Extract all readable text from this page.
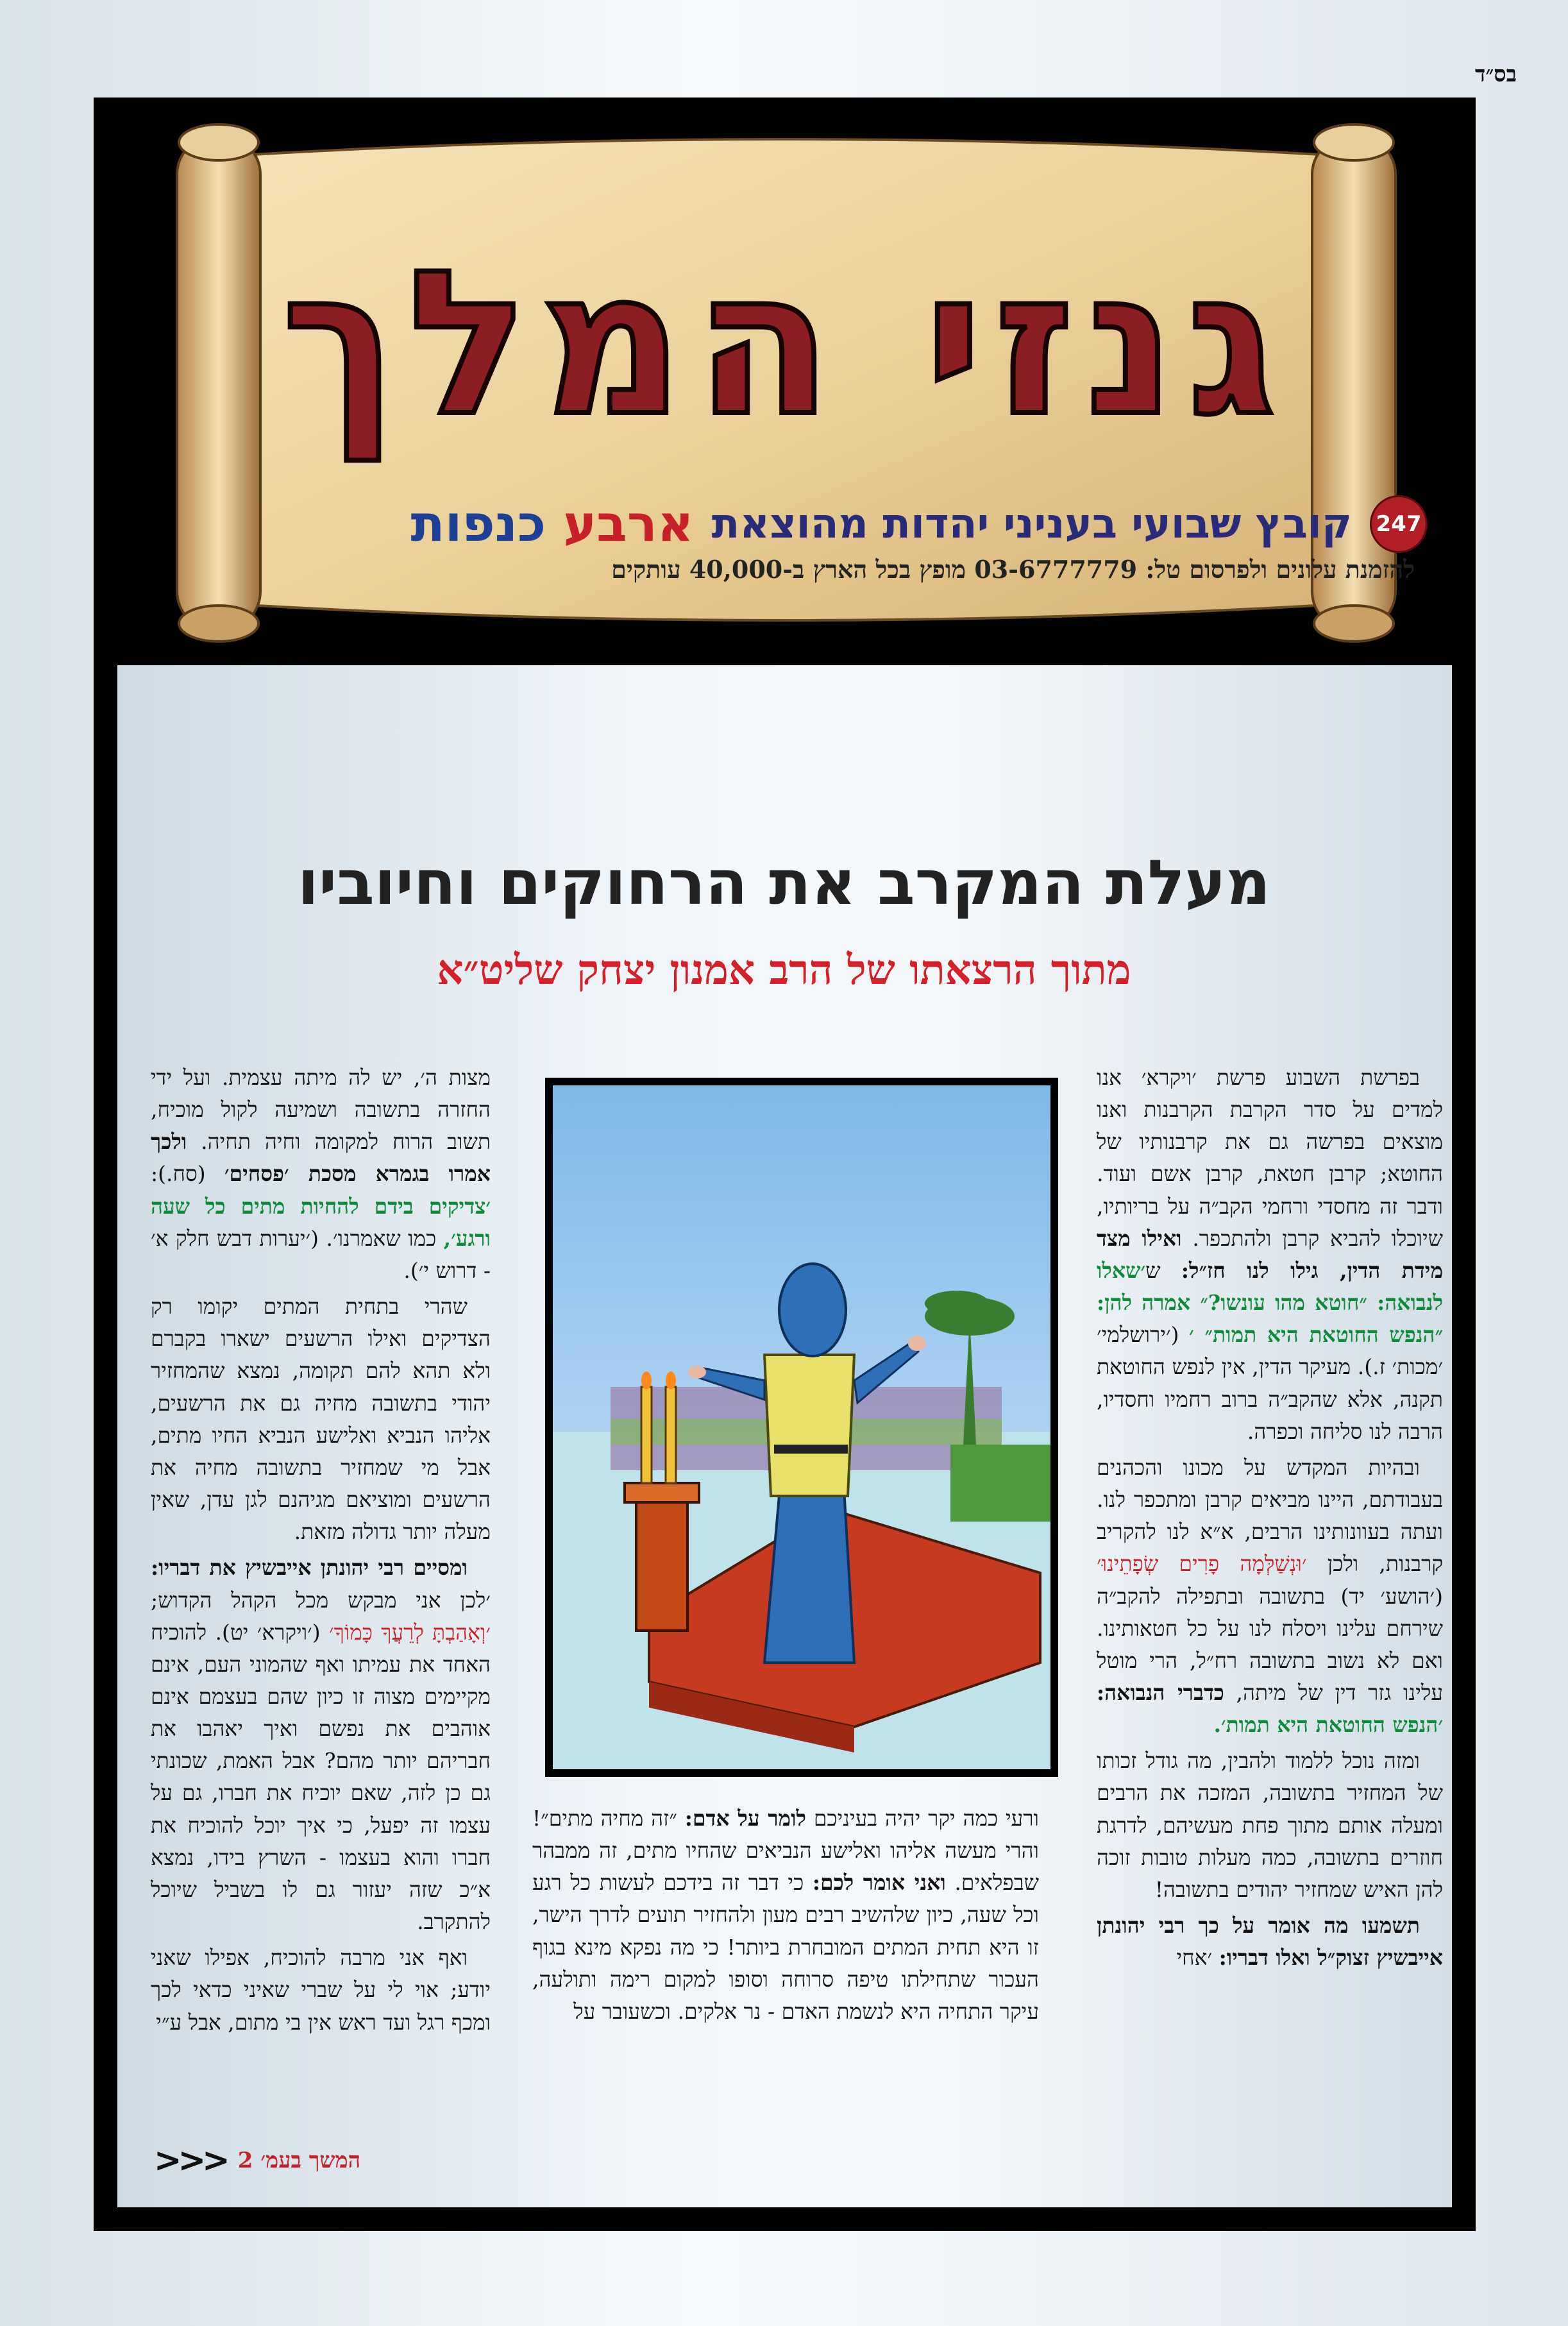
בס״ד
גנזי המלך
247
קובץ שבועי בעניני יהדות מהוצאת
ארבע כנפות
להזמנת עלונים ולפרסום טל: 03-6777779 מופץ בכל הארץ ב-40,000 עותקים
מעלת המקרב את הרחוקים וחיוביו
מתוך הרצאתו של הרב אמנון יצחק שליט״א

בפרשת השבוע פרשת ׳ויקרא׳ אנו למדים על סדר הקרבת הקרבנות ואנו מוצאים בפרשה גם את קרבנותיו של החוטא; קרבן חטאת, קרבן אשם ועוד. ודבר זה מחסדי ורחמי הקב״ה על בריותיו, שיוכלו להביא קרבן ולהתכפר. ואילו מצד מידת הדין, גילו לנו חז״ל: ש׳שאלו לנבואה: ״חוטא מהו עונשו?״ אמרה להן: ״הנפש החוטאת היא תמות״ ׳ (׳ירושלמי׳ ׳מכות׳ ז.). מעיקר הדין, אין לנפש החוטאת תקנה, אלא שהקב״ה ברוב רחמיו וחסדיו, הרבה לנו סליחה וכפרה.

ובהיות המקדש על מכונו והכהנים בעבודתם, היינו מביאים קרבן ומתכפר לנו. ועתה בעוונותינו הרבים, א״א לנו להקריב קרבנות, ולכן ׳וּנְשַׁלְּמָה פָרִים שְׂפָתֵינוּ׳ (׳הושע׳ יד) בתשובה ובתפילה להקב״ה שירחם עלינו ויסלח לנו על כל חטאותינו. ואם לא נשוב בתשובה רח״ל, הרי מוטל עלינו גזר דין של מיתה, כדברי הנבואה: ׳הנפש החוטאת היא תמות׳.

ומזה נוכל ללמוד ולהבין, מה גודל זכותו של המחזיר בתשובה, המזכה את הרבים ומעלה אותם מתוך פחת מעשיהם, לדרגת חוזרים בתשובה, כמה מעלות טובות זוכה להן האיש שמחזיר יהודים בתשובה!

תשמעו מה אומר על כך רבי יהונתן אייבשיץ זצוק״ל ואלו דבריו: ׳אחי

מצות ה׳, יש לה מיתה עצמית. ועל ידי החזרה בתשובה ושמיעה לקול מוכיח, תשוב הרוח למקומה וחיה תחיה. ולכך אמרו בגמרא מסכת ׳פסחים׳ (סח.): ׳צדיקים בידם להחיות מתים כל שעה ורגע׳, כמו שאמרנו׳. (׳יערות דבש חלק א׳ - דרוש י׳).

שהרי בתחית המתים יקומו רק הצדיקים ואילו הרשעים ישארו בקברם ולא תהא להם תקומה, נמצא שהמחזיר יהודי בתשובה מחיה גם את הרשעים, אליהו הנביא ואלישע הנביא החיו מתים, אבל מי שמחזיר בתשובה מחיה את הרשעים ומוציאם מגיהנם לגן עדן, שאין מעלה יותר גדולה מזאת.

ומסיים רבי יהונתן אייבשיץ את דבריו: ׳לכן אני מבקש מכל הקהל הקדוש; ׳וְאָהַבְתָּ לְרֵעֲךָ כָּמוֹךָ׳ (׳ויקרא׳ יט). להוכיח האחד את עמיתו ואף שהמוני העם, אינם מקיימים מצוה זו כיון שהם בעצמם אינם אוהבים את נפשם ואיך יאהבו את חבריהם יותר מהם? אבל האמת, שכונתי גם כן לזה, שאם יוכיח את חברו, גם על עצמו זה יפעל, כי איך יוכל להוכיח את חברו והוא בעצמו - השרץ בידו, נמצא א״כ שזה יעזור גם לו בשביל שיוכל להתקרב.

ואף אני מרבה להוכיח, אפילו שאני יודע; אוי לי על שברי שאיני כדאי לכך ומכף רגל ועד ראש אין בי מתום, אבל ע״י

ורעי כמה יקר יהיה בעיניכם לומר על אדם: ״זה מחיה מתים״! והרי מעשה אליהו ואלישע הנביאים שהחיו מתים, זה ממבהר שבפלאים. ואני אומר לכם: כי דבר זה בידכם לעשות כל רגע וכל שעה, כיון שלהשיב רבים מעון ולהחזיר תועים לדרך הישר, זו היא תחית המתים המובחרת ביותר! כי מה נפקא מינא בגוף העכור שתחילתו טיפה סרוחה וסופו למקום רימה ותולעה, עיקר התחיה היא לנשמת האדם - נר אלקים. וכשעובר על

המשך בעמ׳ 2
<<<
